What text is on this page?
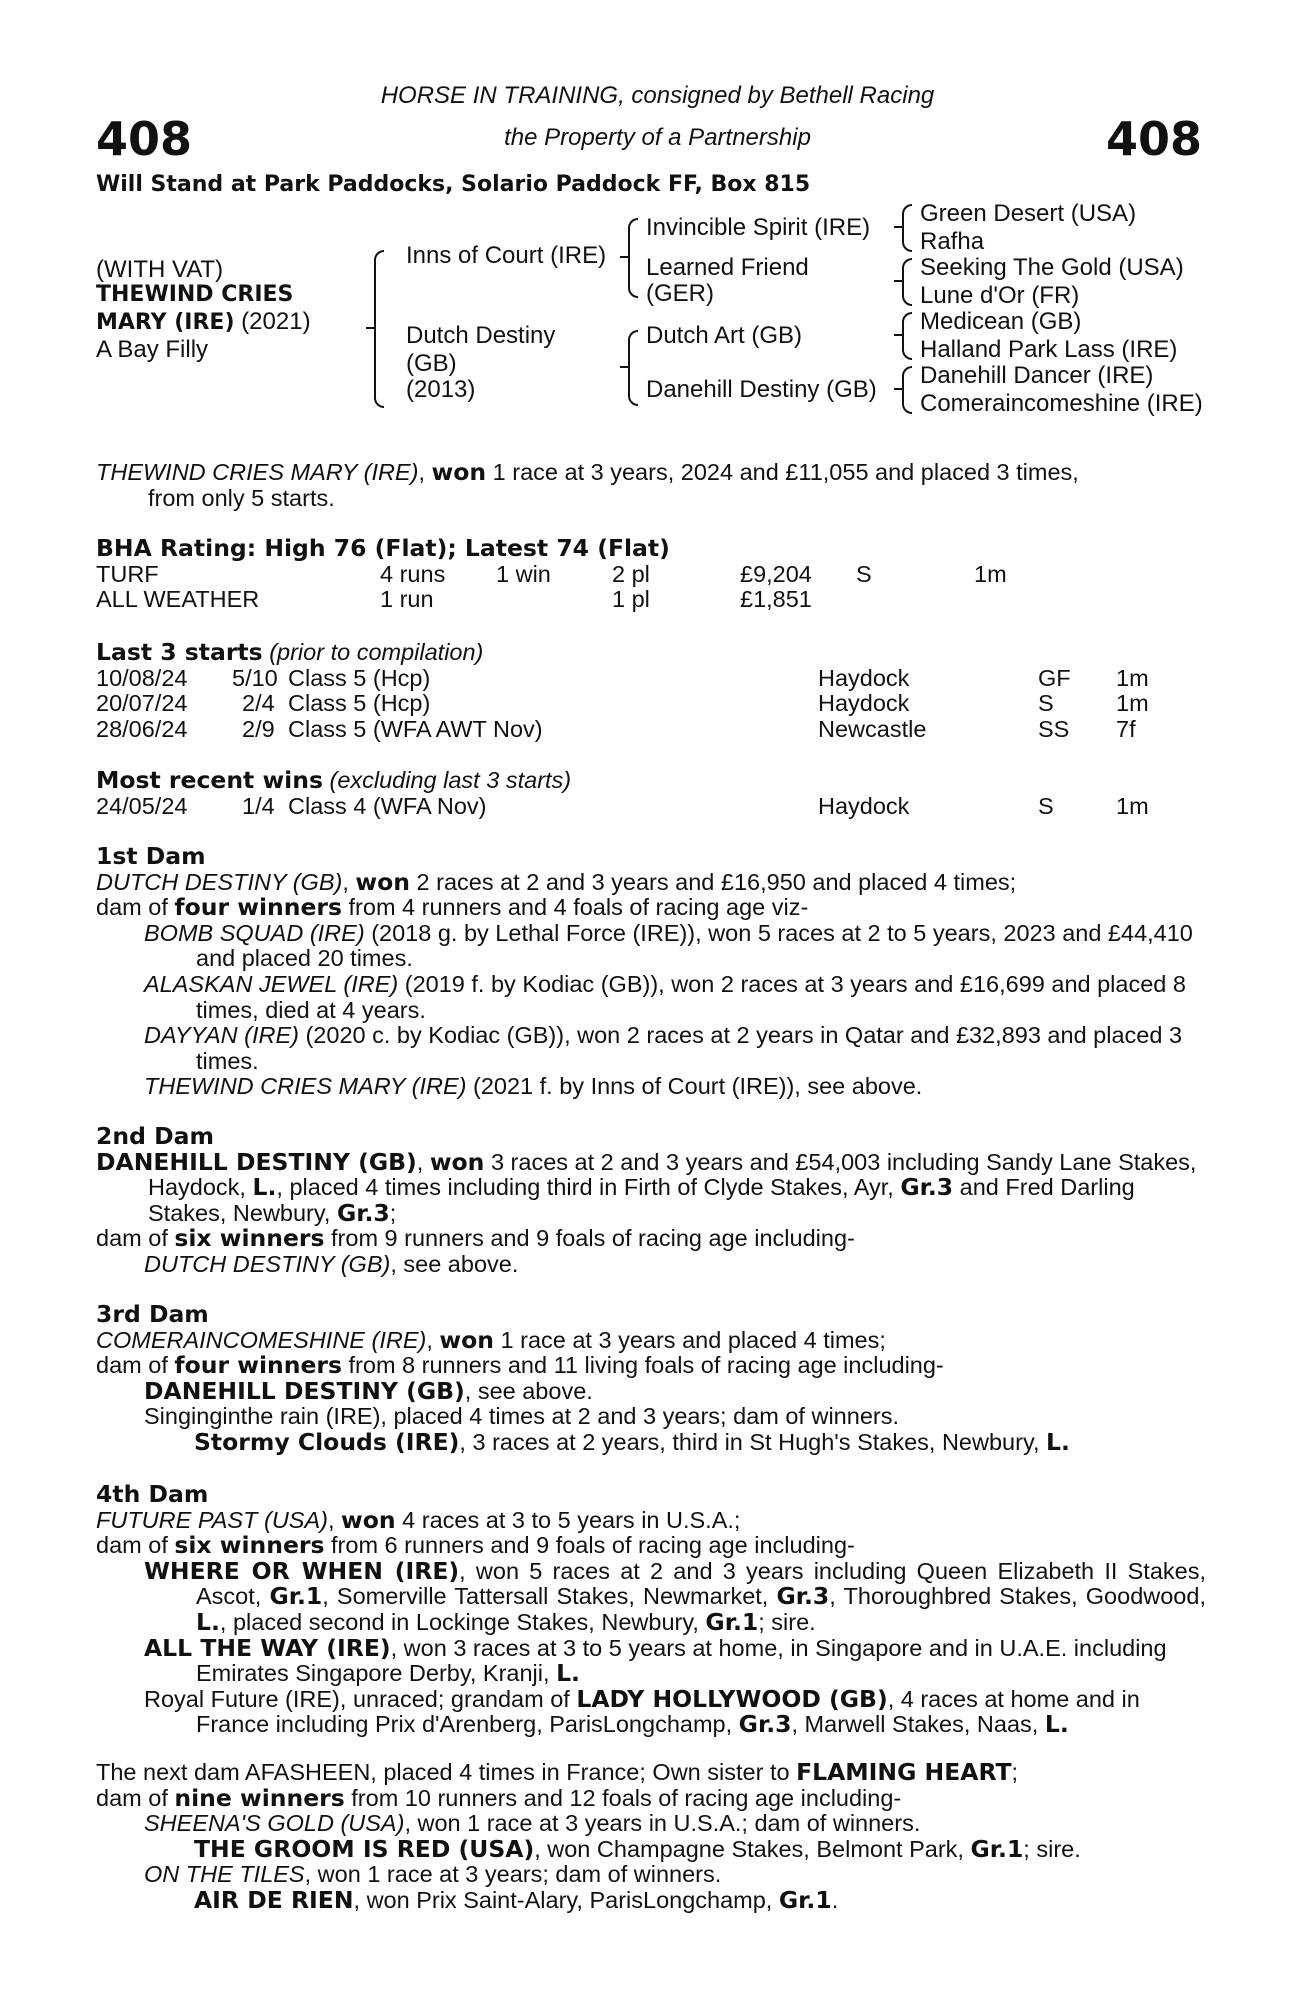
408	408
HORSE IN TRAINING, consigned by Bethell Racing
the Property of a Partnership
Will Stand at Park Paddocks, Solario Paddock FF, Box 815
(WITH VAT)
THEWIND CRIES
MARY (IRE) (2021)
A Bay Filly
Inns of Court (IRE)
Dutch Destiny
(GB)
(2013)
Invincible Spirit (IRE)
Learned Friend
(GER)
Dutch Art (GB)
Danehill Destiny (GB)
Green Desert (USA)
Rafha
Seeking The Gold (USA)
Lune d'Or (FR)
Medicean (GB)
Halland Park Lass (IRE)
Danehill Dancer (IRE)
Comeraincomeshine (IRE)

THEWIND CRIES MARY (IRE), won 1 race at 3 years, 2024 and £11,055 and placed 3 times,
from only 5 starts.

BHA Rating: High 76 (Flat); Latest 74 (Flat)
TURF	4 runs 1 win	2 pl	£9,204 S	1m
ALL WEATHER	1 run	1 pl	£1,851
Last 3 starts (prior to compilation)
10/08/24 5/10 Class 5 (Hcp)	Haydock	GF 1m
20/07/24 2/4 Class 5 (Hcp)	Haydock	S	1m
28/06/24 2/9 Class 5 (WFA AWT Nov)	Newcastle	SS 7f
Most recent wins (excluding last 3 starts)
24/05/24 1/4 Class 4 (WFA Nov)	Haydock	S	1m

1st Dam

DUTCH DESTINY (GB), won 2 races at 2 and 3 years and £16,950 and placed 4 times;

dam of four winners from 4 runners and 4 foals of racing age viz-

BOMB SQUAD (IRE) (2018 g. by Lethal Force (IRE)), won 5 races at 2 to 5 years, 2023 and £44,410 and placed 20 times.

ALASKAN JEWEL (IRE) (2019 f. by Kodiac (GB)), won 2 races at 3 years and £16,699 and placed 8 times, died at 4 years.

DAYYAN (IRE) (2020 c. by Kodiac (GB)), won 2 races at 2 years in Qatar and £32,893 and placed 3 times.

THEWIND CRIES MARY (IRE) (2021 f. by Inns of Court (IRE)), see above.

2nd Dam

DANEHILL DESTINY (GB), won 3 races at 2 and 3 years and £54,003 including Sandy Lane Stakes, Haydock, L., placed 4 times including third in Firth of Clyde Stakes, Ayr, Gr.3 and Fred Darling Stakes, Newbury, Gr.3;

dam of six winners from 9 runners and 9 foals of racing age including-

DUTCH DESTINY (GB), see above.

3rd Dam

COMERAINCOMESHINE (IRE), won 1 race at 3 years and placed 4 times;

dam of four winners from 8 runners and 11 living foals of racing age including-

DANEHILL DESTINY (GB), see above.

Singinginthe rain (IRE), placed 4 times at 2 and 3 years; dam of winners.

Stormy Clouds (IRE), 3 races at 2 years, third in St Hugh's Stakes, Newbury, L.

4th Dam

FUTURE PAST (USA), won 4 races at 3 to 5 years in U.S.A.;

dam of six winners from 6 runners and 9 foals of racing age including-

WHERE OR WHEN (IRE), won 5 races at 2 and 3 years including Queen Elizabeth II Stakes, Ascot, Gr.1, Somerville Tattersall Stakes, Newmarket, Gr.3, Thoroughbred Stakes, Goodwood, L., placed second in Lockinge Stakes, Newbury, Gr.1; sire.

ALL THE WAY (IRE), won 3 races at 3 to 5 years at home, in Singapore and in U.A.E. including Emirates Singapore Derby, Kranji, L.

Royal Future (IRE), unraced; grandam of LADY HOLLYWOOD (GB), 4 races at home and in France including Prix d'Arenberg, ParisLongchamp, Gr.3, Marwell Stakes, Naas, L.

The next dam AFASHEEN, placed 4 times in France; Own sister to FLAMING HEART;

dam of nine winners from 10 runners and 12 foals of racing age including-

SHEENA'S GOLD (USA), won 1 race at 3 years in U.S.A.; dam of winners.

THE GROOM IS RED (USA), won Champagne Stakes, Belmont Park, Gr.1; sire.

ON THE TILES, won 1 race at 3 years; dam of winners.

AIR DE RIEN, won Prix Saint-Alary, ParisLongchamp, Gr.1.
